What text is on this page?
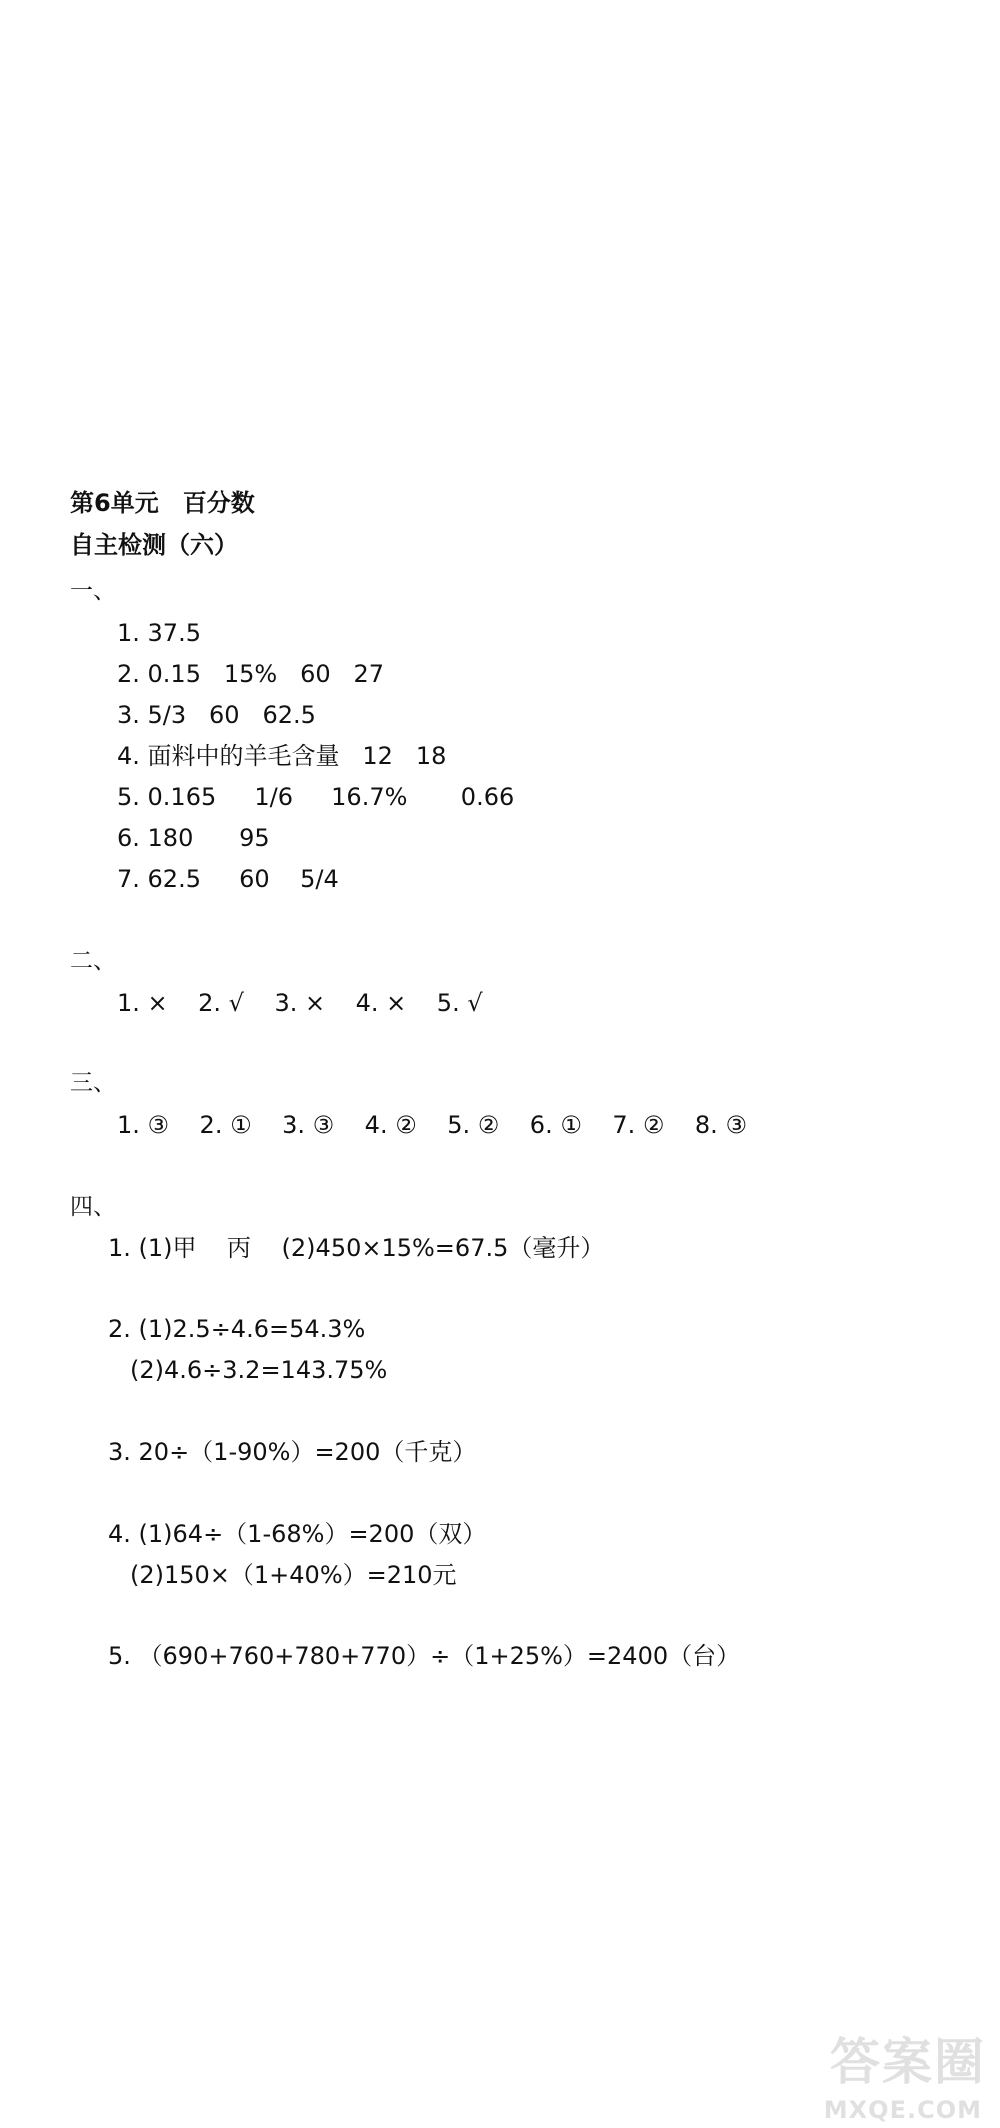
第6单元　百分数
自主检测（六）
一、
1. 37.5
2. 0.15   15%   60   27
3. 5/3   60   62.5
4. 面料中的羊毛含量   12   18
5. 0.165     1/6     16.7%       0.66
6. 180      95
7. 62.5     60    5/4
二、
1. ×    2. √    3. ×    4. ×    5. √
三、
1. ③    2. ①    3. ③    4. ②    5. ②    6. ①    7. ②    8. ③
四、
1. (1)甲    丙    (2)450×15%=67.5（毫升）
2. (1)2.5÷4.6=54.3%
(2)4.6÷3.2=143.75%
3. 20÷（1-90%）=200（千克）
4. (1)64÷（1-68%）=200（双）
(2)150×（1+40%）=210元
5. （690+760+780+770）÷（1+25%）=2400（台）
答案圈
MXQE.COM
